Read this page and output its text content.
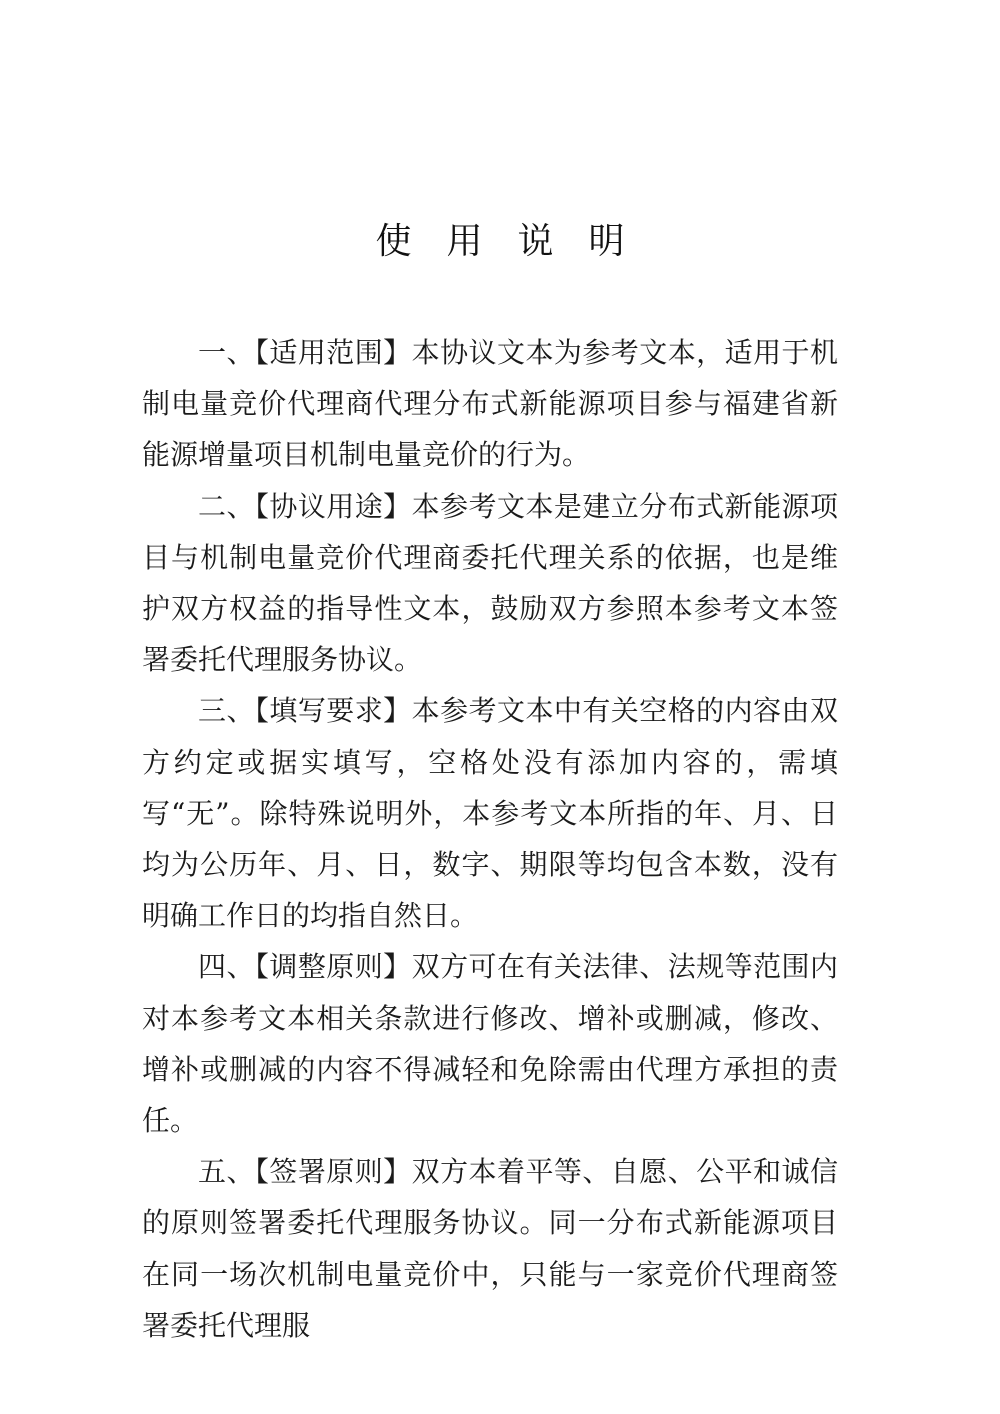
使用说明

一、【适用范围】本协议文本为参考文本，适用于机制电量竞价代理商代理分布式新能源项目参与福建省新能源增量项目机制电量竞价的行为。

二、【协议用途】本参考文本是建立分布式新能源项目与机制电量竞价代理商委托代理关系的依据，也是维护双方权益的指导性文本，鼓励双方参照本参考文本签署委托代理服务协议。

三、【填写要求】本参考文本中有关空格的内容由双方约定或据实填写，空格处没有添加内容的，需填写“无”。除特殊说明外，本参考文本所指的年、月、日均为公历年、月、日，数字、期限等均包含本数，没有明确工作日的均指自然日。

四、【调整原则】双方可在有关法律、法规等范围内对本参考文本相关条款进行修改、增补或删减，修改、增补或删减的内容不得减轻和免除需由代理方承担的责任。

五、【签署原则】双方本着平等、自愿、公平和诚信的原则签署委托代理服务协议。同一分布式新能源项目在同一场次机制电量竞价中，只能与一家竞价代理商签署委托代理服
